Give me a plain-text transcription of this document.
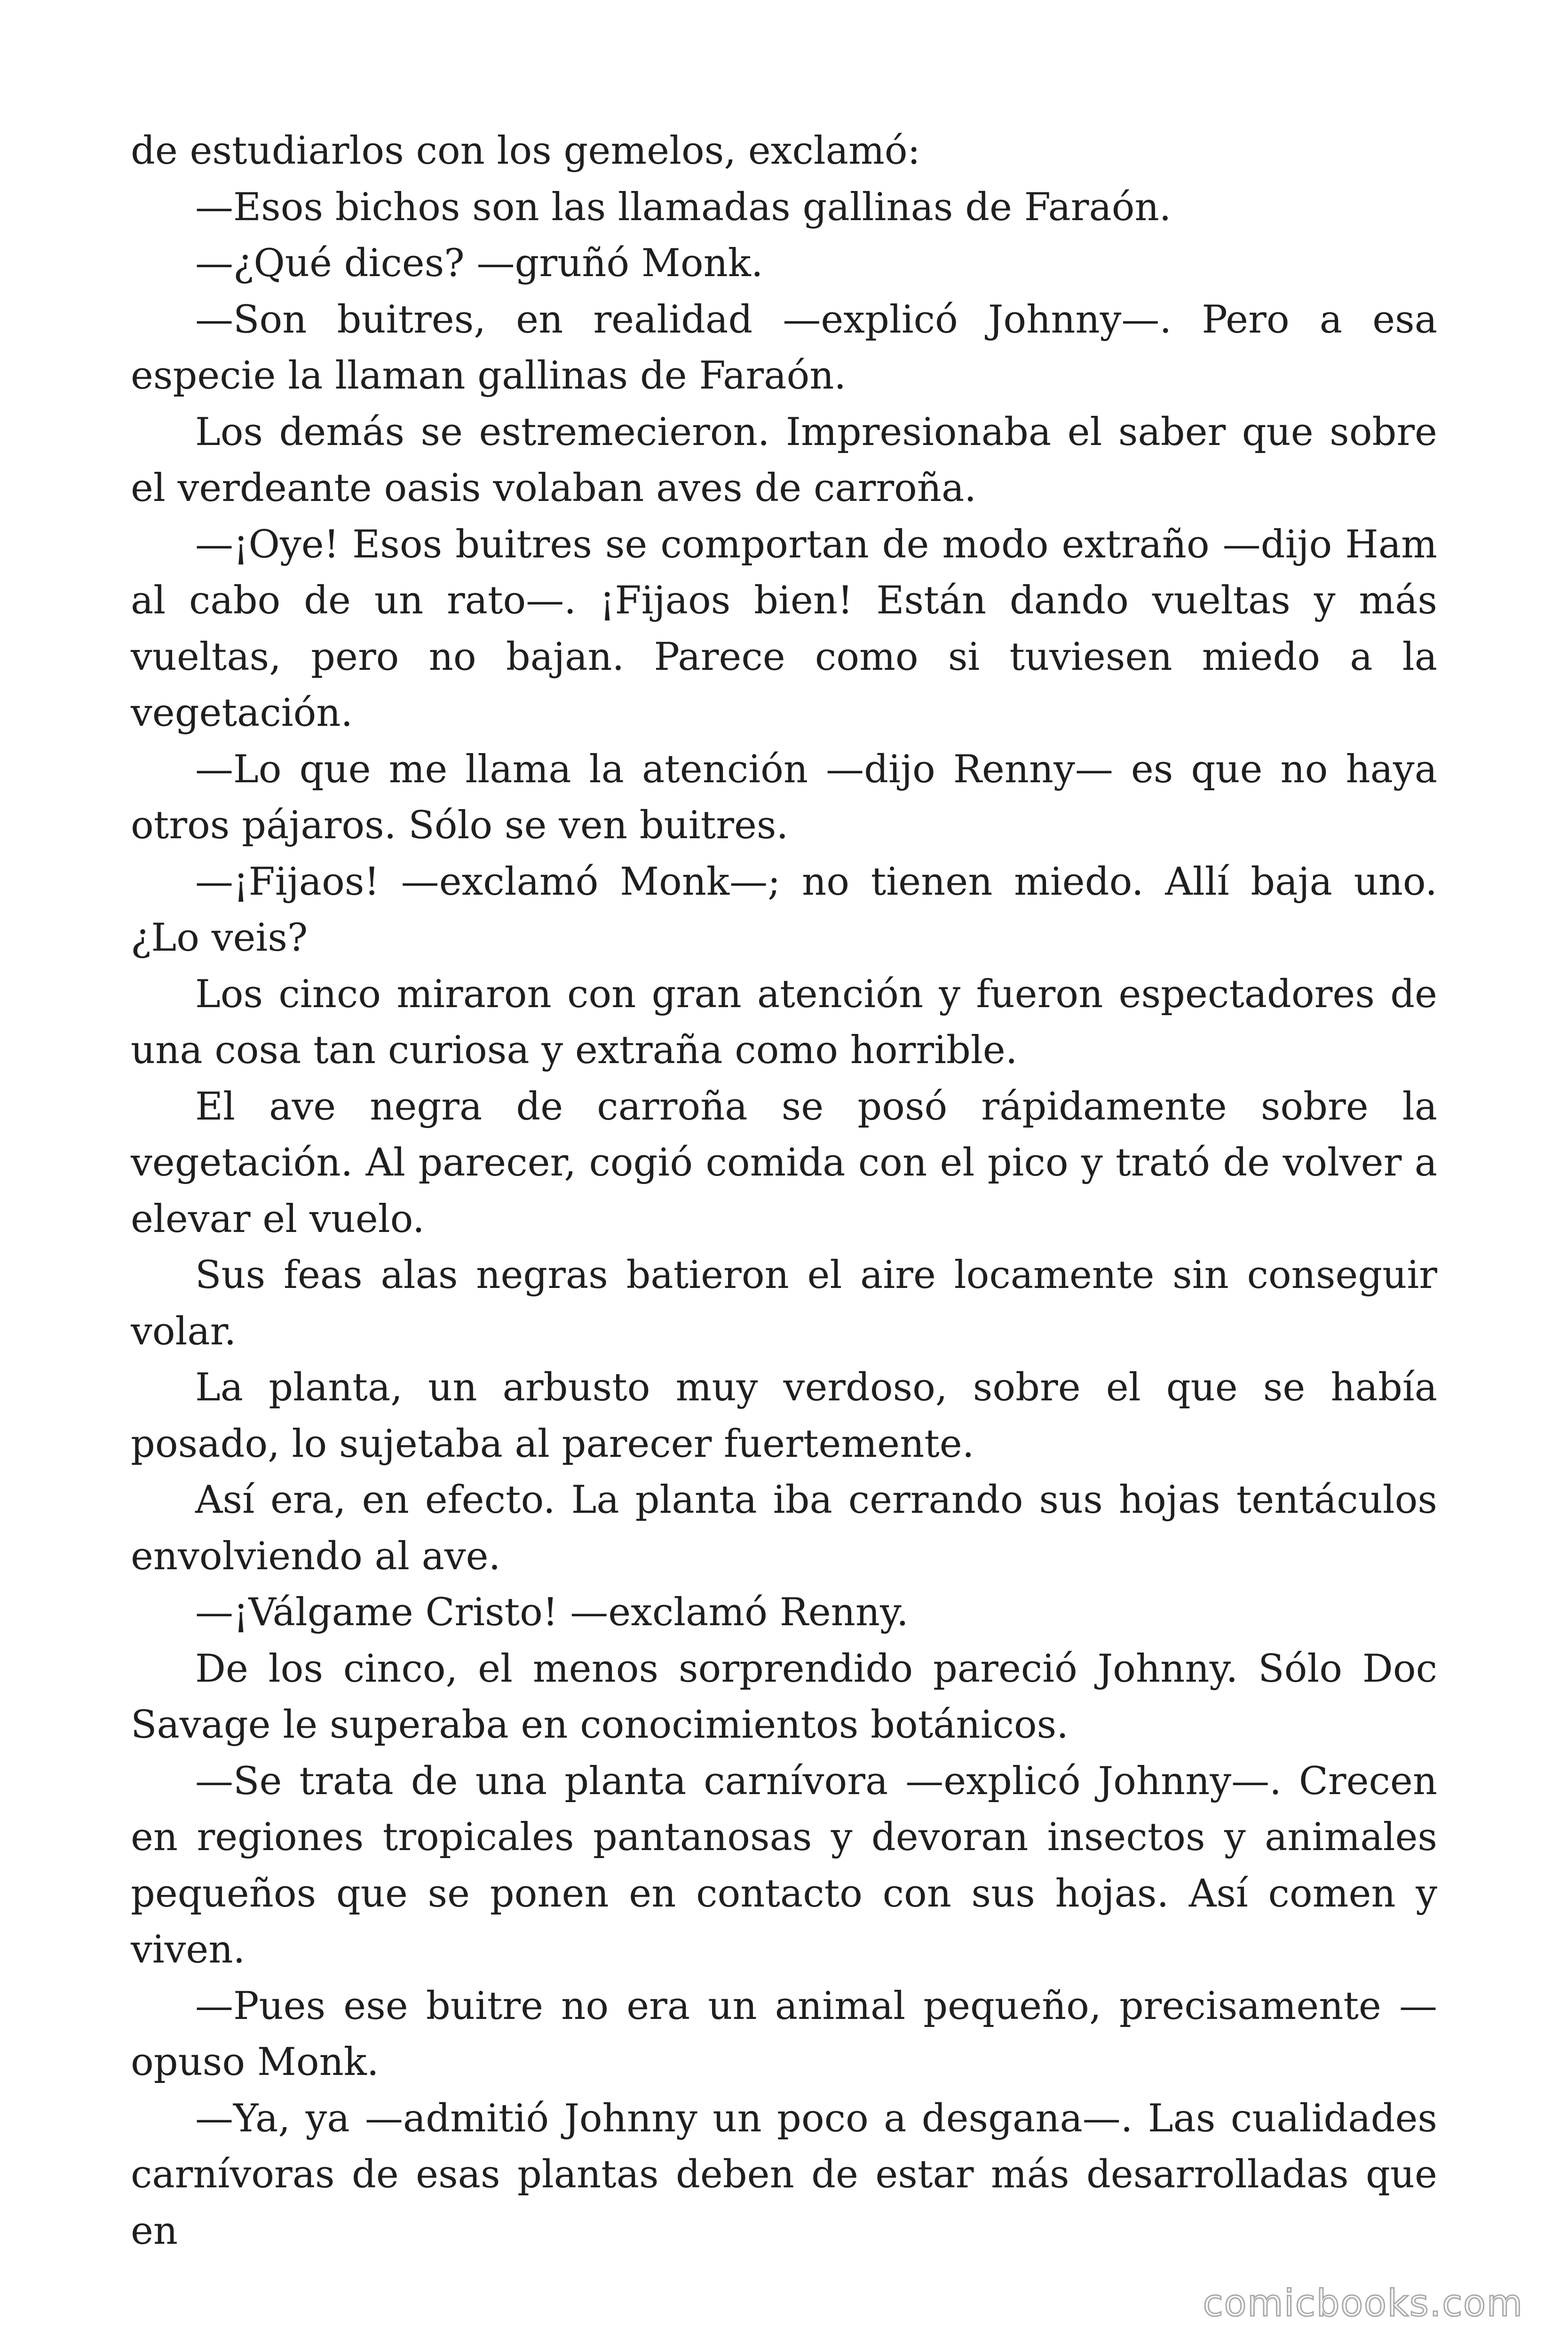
de estudiarlos con los gemelos, exclamó:

—Esos bichos son las llamadas gallinas de Faraón.

—¿Qué dices? —gruñó Monk.

—Son buitres, en realidad —explicó Johnny—. Pero a esa especie la llaman gallinas de Faraón.

Los demás se estremecieron. Impresionaba el saber que sobre el verdeante oasis volaban aves de carroña.

—¡Oye! Esos buitres se comportan de modo extraño —dijo Ham al cabo de un rato—. ¡Fijaos bien! Están dando vueltas y más vueltas, pero no bajan. Parece como si tuviesen miedo a la vegetación.

—Lo que me llama la atención —dijo Renny— es que no haya otros pájaros. Sólo se ven buitres.

—¡Fijaos! —exclamó Monk—; no tienen miedo. Allí baja uno. ¿Lo veis?

Los cinco miraron con gran atención y fueron espectadores de una cosa tan curiosa y extraña como horrible.

El ave negra de carroña se posó rápidamente sobre la vegetación. Al parecer, cogió comida con el pico y trató de volver a elevar el vuelo.

Sus feas alas negras batieron el aire locamente sin conseguir volar.

La planta, un arbusto muy verdoso, sobre el que se había posado, lo sujetaba al parecer fuertemente.

Así era, en efecto. La planta iba cerrando sus hojas tentáculos envolviendo al ave.

—¡Válgame Cristo! —exclamó Renny.

De los cinco, el menos sorprendido pareció Johnny. Sólo Doc Savage le superaba en conocimientos botánicos.

—Se trata de una planta carnívora —explicó Johnny—. Crecen en regiones tropicales pantanosas y devoran insectos y animales pequeños que se ponen en contacto con sus hojas. Así comen y viven.

—Pues ese buitre no era un animal pequeño, precisamente —opuso Monk.

—Ya, ya —admitió Johnny un poco a desgana—. Las cualidades carnívoras de esas plantas deben de estar más desarrolladas que en

comicbooks.com
